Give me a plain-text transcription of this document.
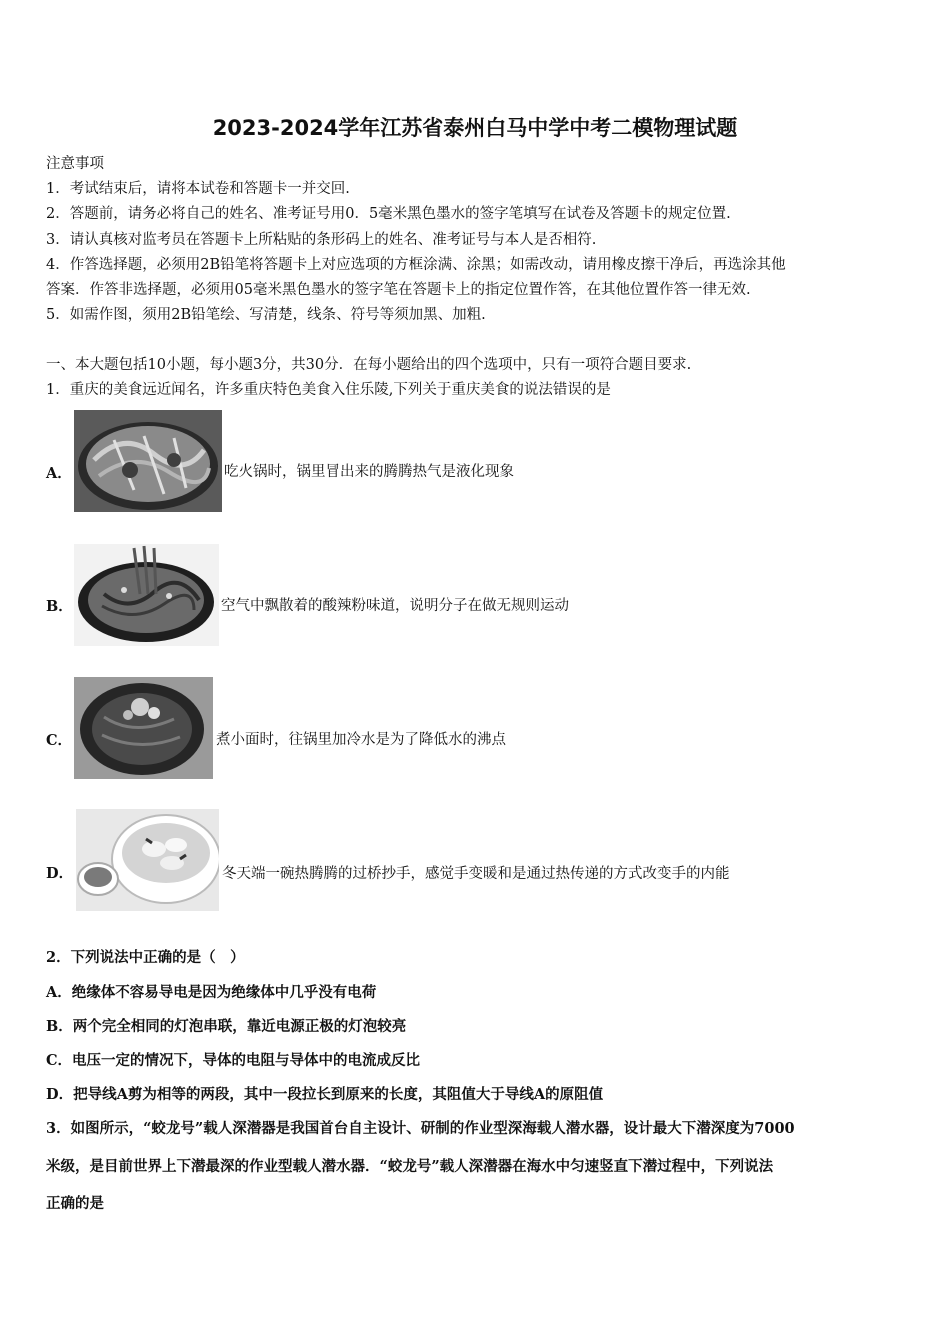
2023-2024学年江苏省泰州白马中学中考二模物理试题
注意事项
1．考试结束后，请将本试卷和答题卡一并交回.
2．答题前，请务必将自己的姓名、准考证号用0．5毫米黑色墨水的签字笔填写在试卷及答题卡的规定位置.
3．请认真核对监考员在答题卡上所粘贴的条形码上的姓名、准考证号与本人是否相符.
4．作答选择题，必须用2B铅笔将答题卡上对应选项的方框涂满、涂黑；如需改动，请用橡皮擦干净后，再选涂其他
答案．作答非选择题，必须用05毫米黑色墨水的签字笔在答题卡上的指定位置作答，在其他位置作答一律无效.
5．如需作图，须用2B铅笔绘、写清楚，线条、符号等须加黑、加粗.
一、本大题包括10小题，每小题3分，共30分．在每小题给出的四个选项中，只有一项符合题目要求.
1．重庆的美食远近闻名，许多重庆特色美食入住乐陵,下列关于重庆美食的说法错误的是
A．	吃火锅时，锅里冒出来的腾腾热气是液化现象
B．	空气中飘散着的酸辣粉味道，说明分子在做无规则运动
C．	煮小面时，往锅里加冷水是为了降低水的沸点
D．	冬天端一碗热腾腾的过桥抄手，感觉手变暖和是通过热传递的方式改变手的内能
2．下列说法中正确的是（　）
A．绝缘体不容易导电是因为绝缘体中几乎没有电荷
B．两个完全相同的灯泡串联，靠近电源正极的灯泡较亮
C．电压一定的情况下，导体的电阻与导体中的电流成反比
D．把导线A剪为相等的两段，其中一段拉长到原来的长度，其阻值大于导线A的原阻值
3．如图所示，“蛟龙号”载人深潜器是我国首台自主设计、研制的作业型深海载人潜水器，设计最大下潜深度为7000
米级，是目前世界上下潜最深的作业型载人潜水器．“蛟龙号”载人深潜器在海水中匀速竖直下潜过程中，下列说法
正确的是
